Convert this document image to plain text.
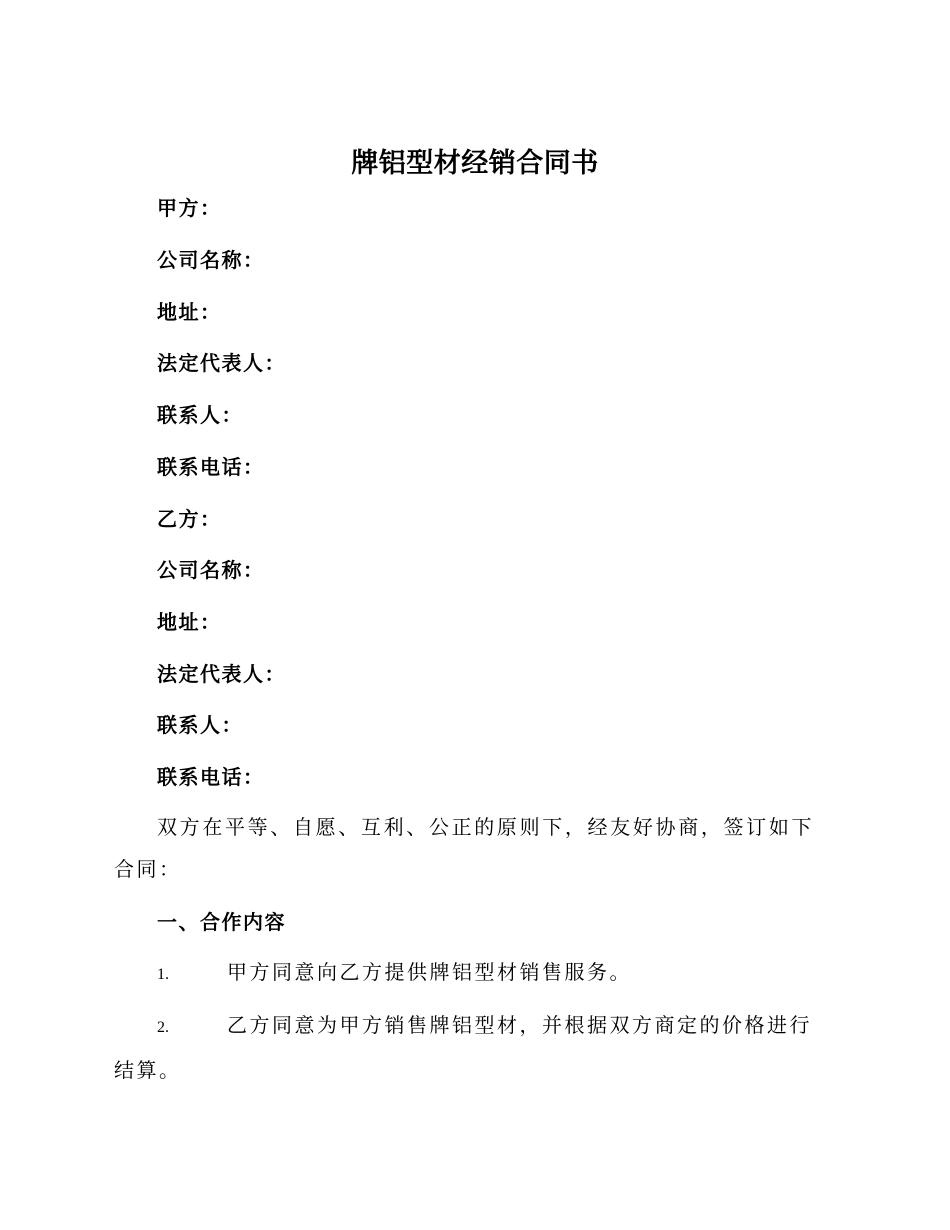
牌铝型材经销合同书
甲方：
公司名称：
地址：
法定代表人：
联系人：
联系电话：
乙方：
公司名称：
地址：
法定代表人：
联系人：
联系电话：
双方在平等、自愿、互利、公正的原则下，经友好协商，签订如下合同：
一、合作内容
1.	甲方同意向乙方提供牌铝型材销售服务。
2.	乙方同意为甲方销售牌铝型材，并根据双方商定的价格进行结算。
